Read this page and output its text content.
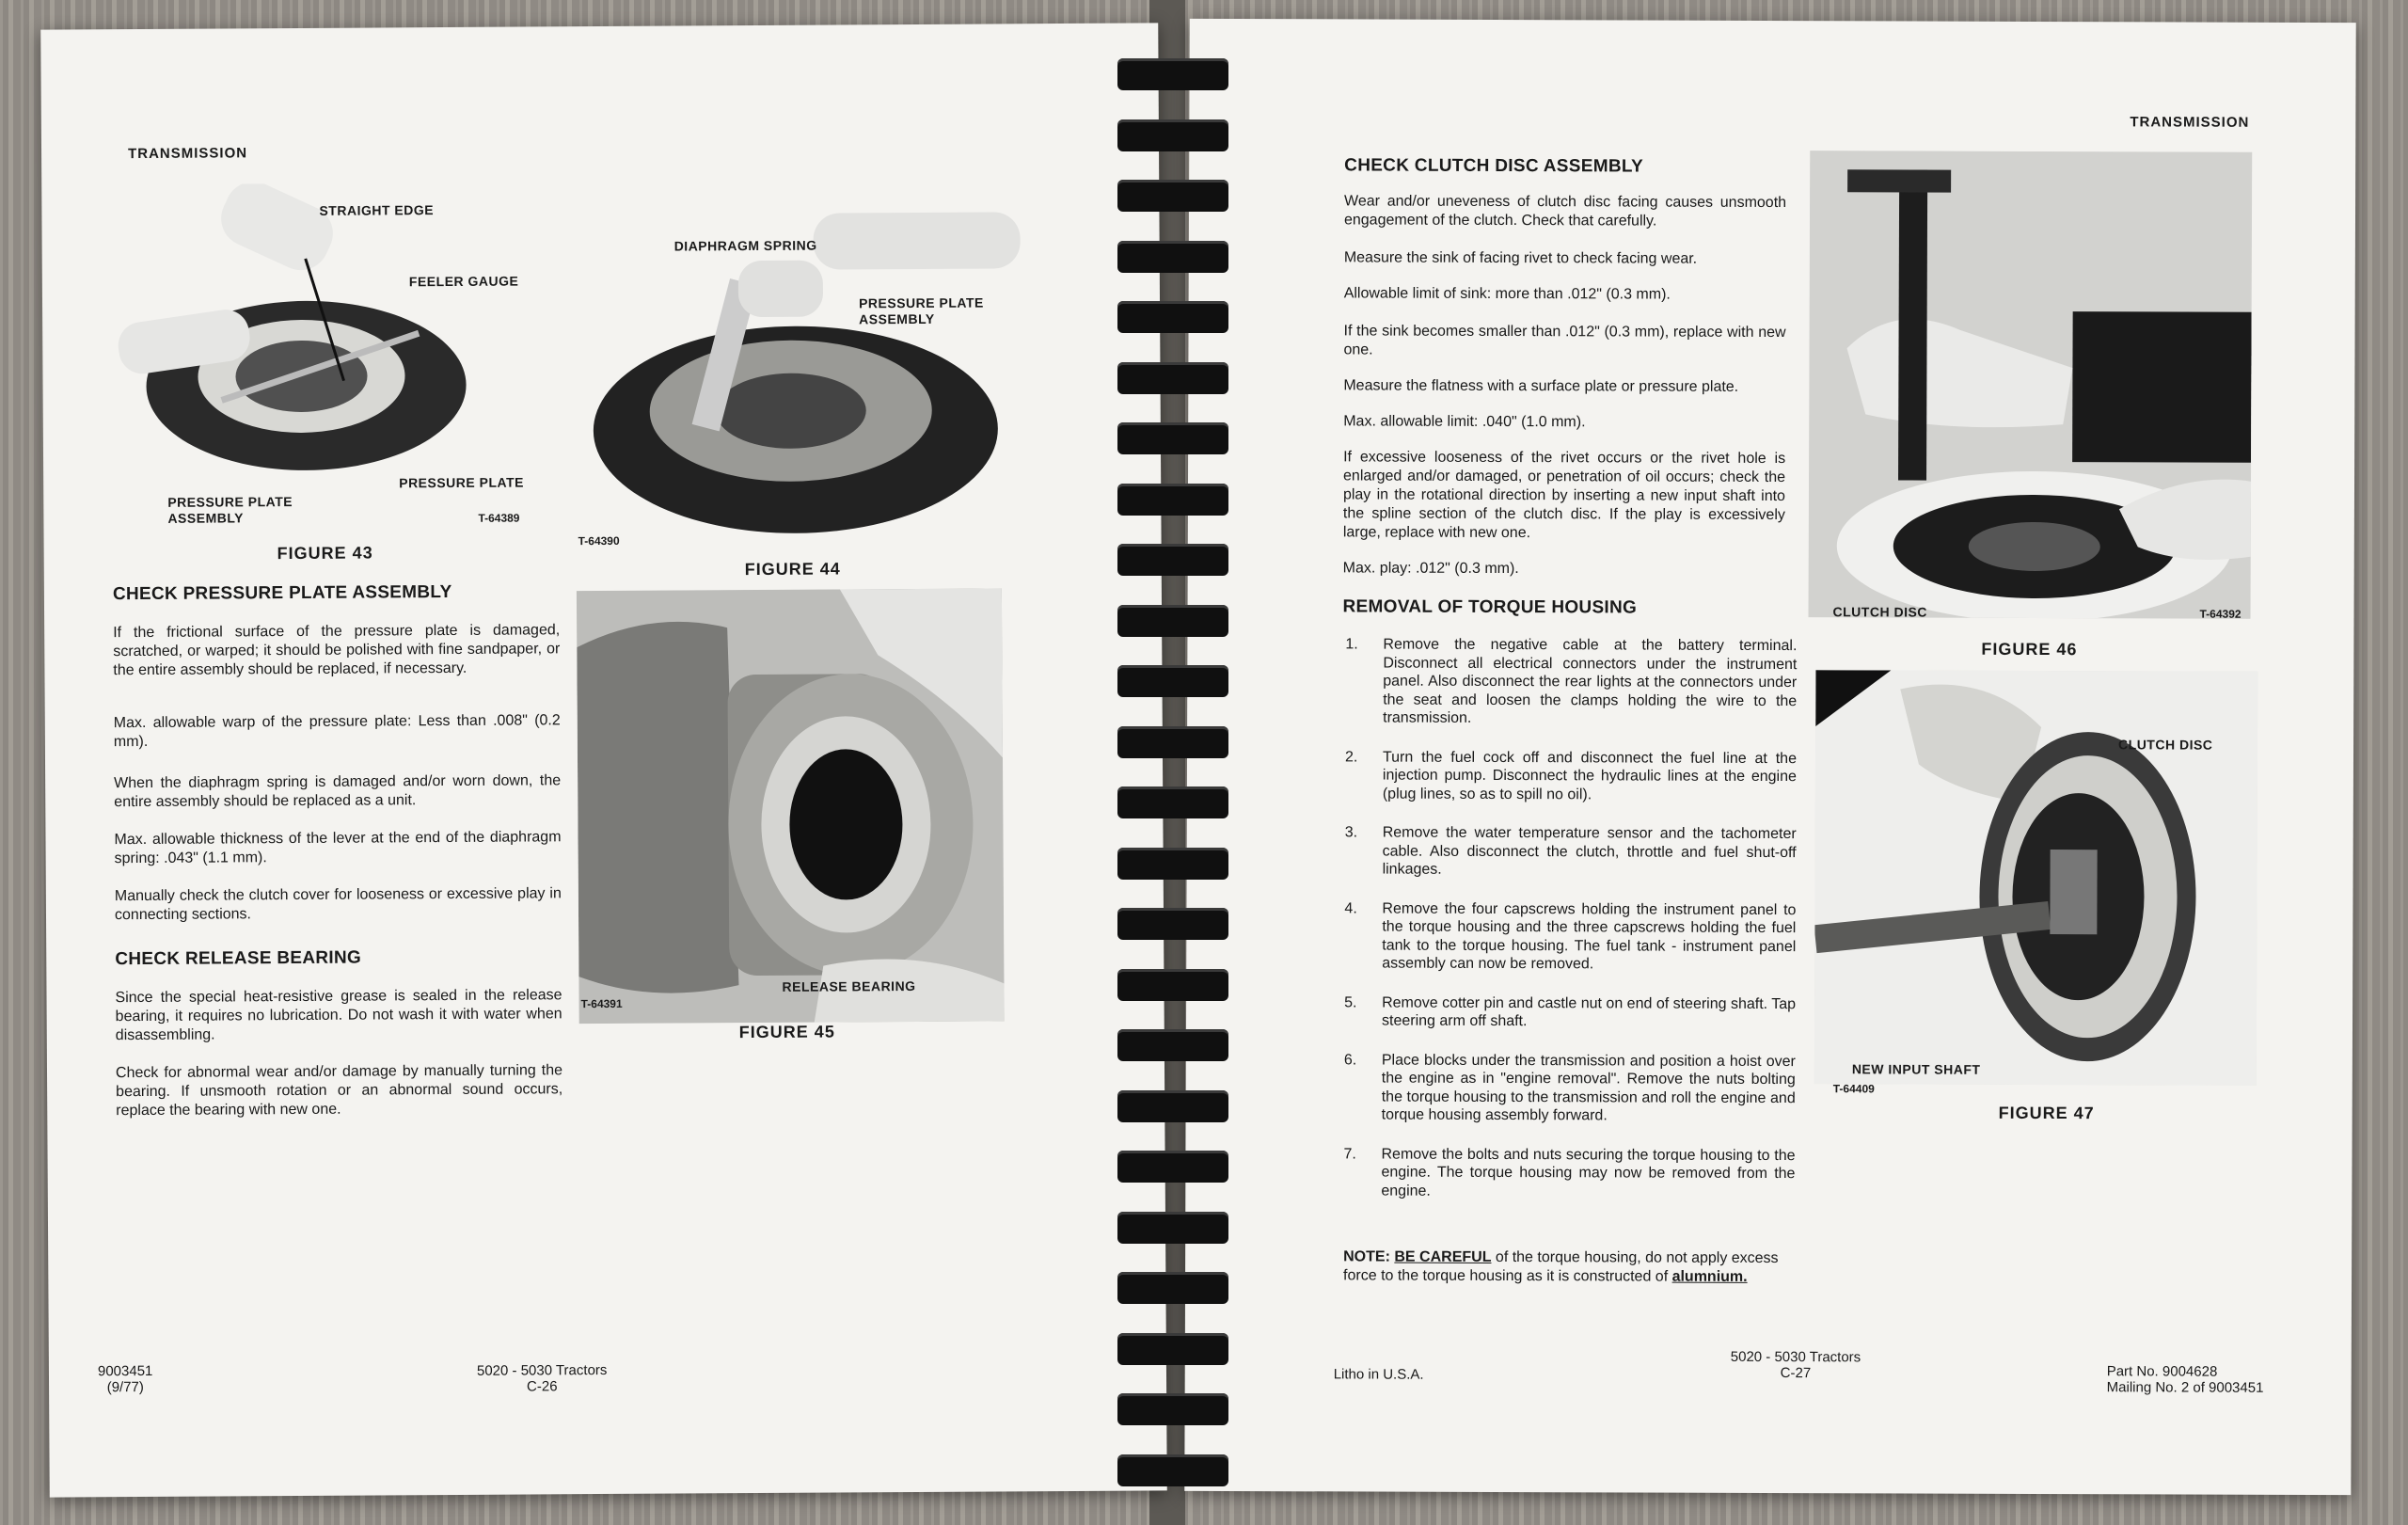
TRANSMISSION
STRAIGHT EDGE
FEELER GAUGE
PRESSURE PLATE
ASSEMBLY
PRESSURE PLATE
T-64389
FIGURE 43
DIAPHRAGM SPRING
PRESSURE PLATE
ASSEMBLY
T-64390
FIGURE 44
RELEASE BEARING
T-64391
FIGURE 45
CHECK PRESSURE PLATE ASSEMBLY
If the frictional surface of the pressure plate is damaged, scratched, or warped; it should be polished with fine sandpaper, or the entire assembly should be replaced, if necessary.
Max. allowable warp of the pressure plate: Less than .008" (0.2 mm).
When the diaphragm spring is damaged and/or worn down, the entire assembly should be replaced as a unit.
Max. allowable thickness of the lever at the end of the diaphragm spring: .043" (1.1 mm).
Manually check the clutch cover for looseness or excessive play in connecting sections.
CHECK RELEASE BEARING
Since the special heat-resistive grease is sealed in the release bearing, it requires no lubrication. Do not wash it with water when disassembling.
Check for abnormal wear and/or damage by manually turning the bearing. If unsmooth rotation or an abnormal sound occurs, replace the bearing with new one.
9003451
(9/77)
5020 - 5030 Tractors
C-26
TRANSMISSION
CHECK CLUTCH DISC ASSEMBLY
Wear and/or uneveness of clutch disc facing causes unsmooth engagement of the clutch. Check that carefully.
Measure the sink of facing rivet to check facing wear.
Allowable limit of sink: more than .012" (0.3 mm).
If the sink becomes smaller than .012" (0.3 mm), replace with new one.
Measure the flatness with a surface plate or pressure plate.
Max. allowable limit: .040" (1.0 mm).
If excessive looseness of the rivet occurs or the rivet hole is enlarged and/or damaged, or penetration of oil occurs; check the play in the rotational direction by inserting a new input shaft into the spline section of the clutch disc. If the play is excessively large, replace with new one.
Max. play: .012" (0.3 mm).
REMOVAL OF TORQUE HOUSING
1. Remove the negative cable at the battery terminal. Disconnect all electrical connectors under the instrument panel. Also disconnect the rear lights at the connectors under the seat and loosen the clamps holding the wire to the transmission.
2. Turn the fuel cock off and disconnect the fuel line at the injection pump. Disconnect the hydraulic lines at the engine (plug lines, so as to spill no oil).
3. Remove the water temperature sensor and the tachometer cable. Also disconnect the clutch, throttle and fuel shut-off linkages.
4. Remove the four capscrews holding the instrument panel to the torque housing and the three capscrews holding the fuel tank to the torque housing. The fuel tank - instrument panel assembly can now be removed.
5. Remove cotter pin and castle nut on end of steering shaft. Tap steering arm off shaft.
6. Place blocks under the transmission and position a hoist over the engine as in "engine removal". Remove the nuts bolting the torque housing to the transmission and roll the engine and torque housing assembly forward.
7. Remove the bolts and nuts securing the torque housing to the engine. The torque housing may now be removed from the engine.
NOTE: BE CAREFUL of the torque housing, do not apply excess force to the torque housing as it is constructed of alumnium.
CLUTCH DISC	T-64392
FIGURE 46
CLUTCH DISC
NEW INPUT SHAFT
T-64409
FIGURE 47
Litho in U.S.A.
5020 - 5030 Tractors
C-27	Part No. 9004628
Mailing No. 2 of 9003451
